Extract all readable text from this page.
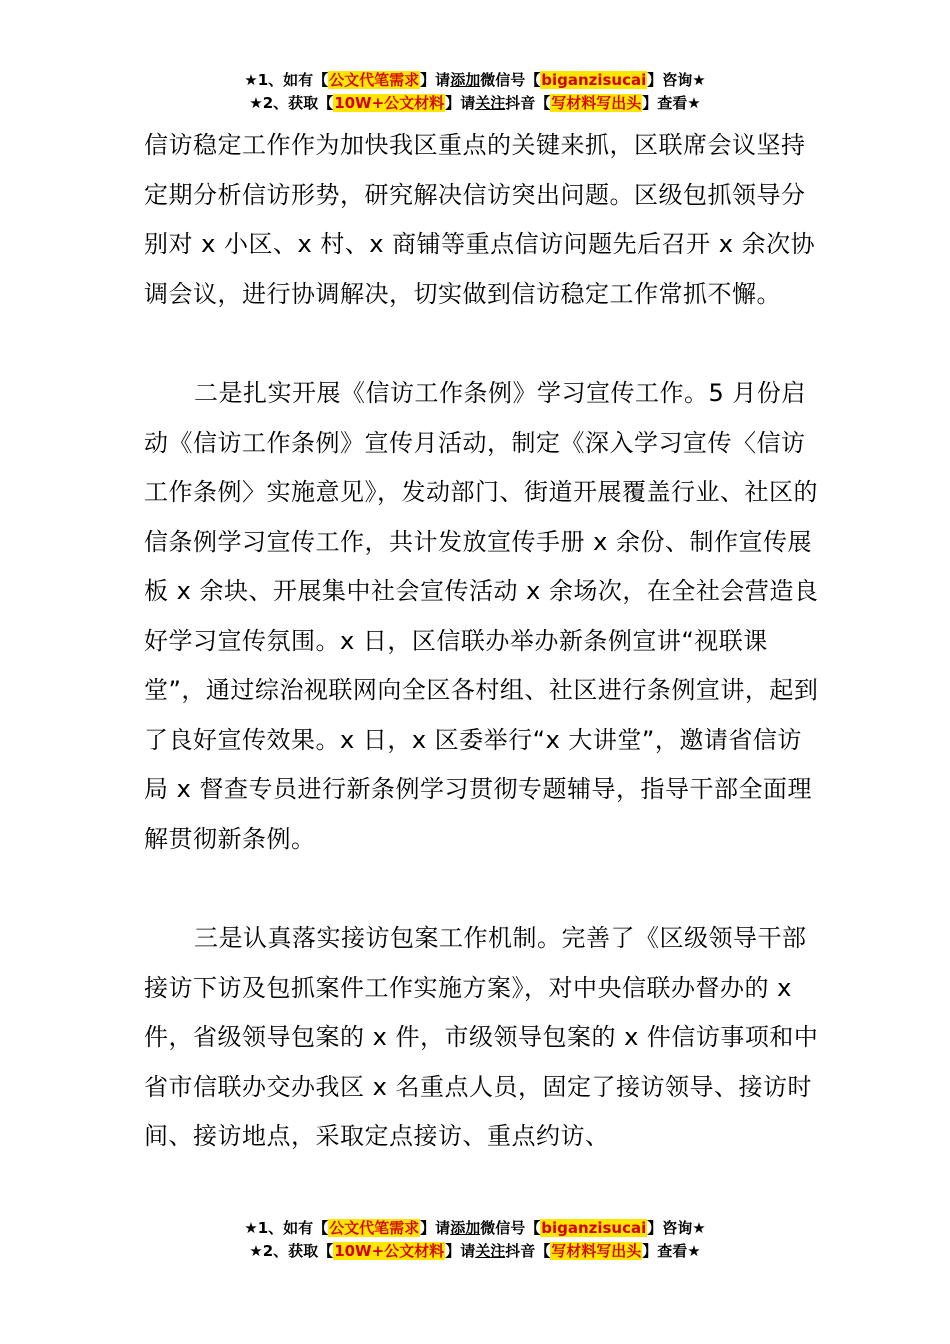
★1、如有【公文代笔需求】请添加微信号【biganzisucai】咨询★
★2、获取【10W+公文材料】请关注抖音【写材料写出头】查看★

信访稳定工作作为加快我区重点的关键来抓，区联席会议坚持定期分析信访形势，研究解决信访突出问题。区级包抓领导分别对 x 小区、x 村、x 商铺等重点信访问题先后召开 x 余次协调会议，进行协调解决，切实做到信访稳定工作常抓不懈。

二是扎实开展《信访工作条例》学习宣传工作。5 月份启动《信访工作条例》宣传月活动，制定《深入学习宣传〈信访工作条例〉实施意见》，发动部门、街道开展覆盖行业、社区的信条例学习宣传工作，共计发放宣传手册 x 余份、制作宣传展板 x 余块、开展集中社会宣传活动 x 余场次，在全社会营造良好学习宣传氛围。x 日，区信联办举办新条例宣讲“视联课堂”，通过综治视联网向全区各村组、社区进行条例宣讲，起到了良好宣传效果。x 日，x 区委举行“x 大讲堂”，邀请省信访局 x 督查专员进行新条例学习贯彻专题辅导，指导干部全面理解贯彻新条例。

三是认真落实接访包案工作机制。完善了《区级领导干部接访下访及包抓案件工作实施方案》，对中央信联办督办的 x 件，省级领导包案的 x 件，市级领导包案的 x 件信访事项和中省市信联办交办我区 x 名重点人员，固定了接访领导、接访时间、接访地点，采取定点接访、重点约访、

★1、如有【公文代笔需求】请添加微信号【biganzisucai】咨询★
★2、获取【10W+公文材料】请关注抖音【写材料写出头】查看★
